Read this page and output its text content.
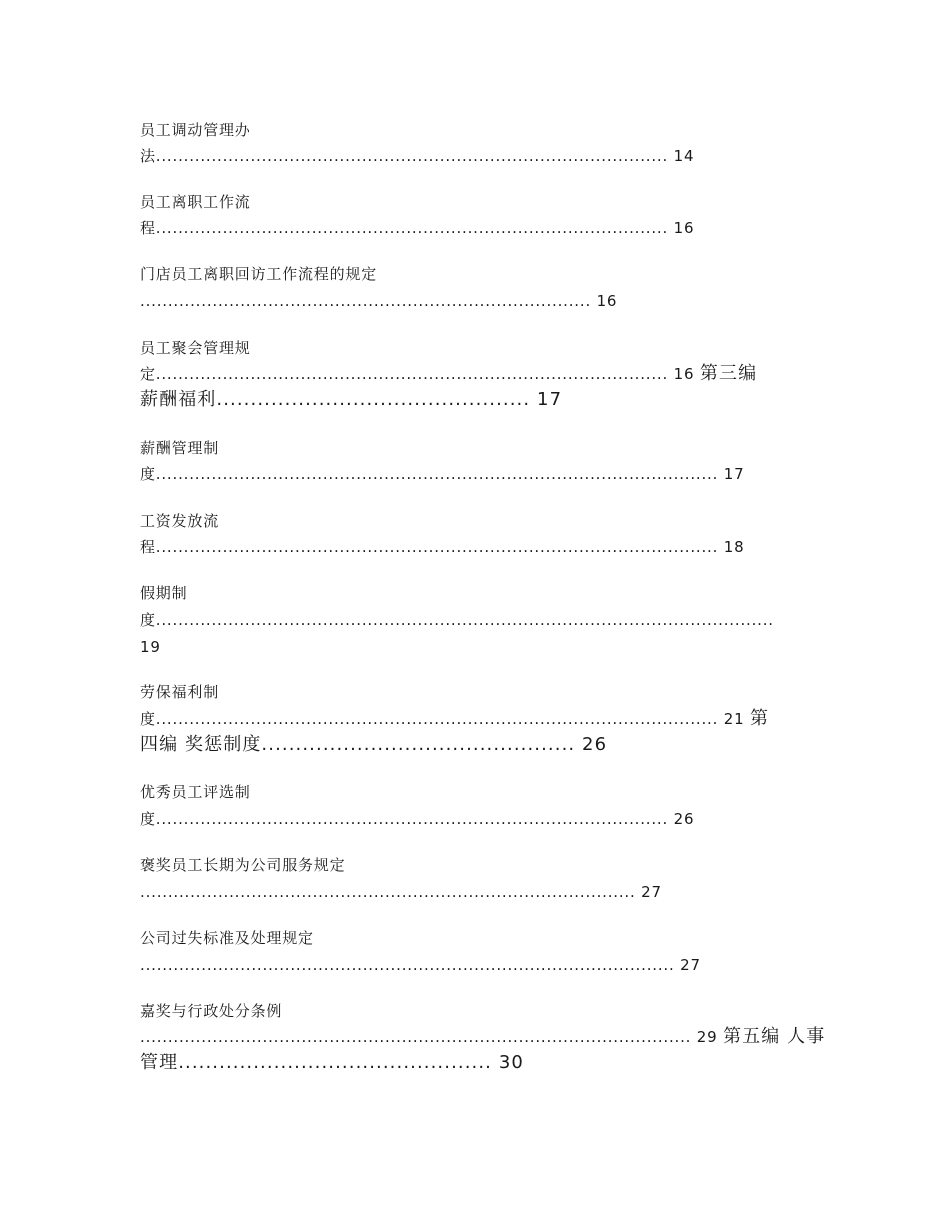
员工调动管理办
法............................................................................................ 14
员工离职工作流
程............................................................................................ 16
门店员工离职回访工作流程的规定
................................................................................. 16
员工聚会管理规
定............................................................................................ 16 第三编
薪酬福利.............................................. 17
薪酬管理制
度..................................................................................................... 17
工资发放流
程..................................................................................................... 18
假期制
度...............................................................................................................
19
劳保福利制
度..................................................................................................... 21 第
四编 奖惩制度.............................................. 26
优秀员工评选制
度............................................................................................ 26
褒奖员工长期为公司服务规定
......................................................................................... 27
公司过失标准及处理规定
................................................................................................ 27
嘉奖与行政处分条例
................................................................................................... 29 第五编 人事
管理.............................................. 30
